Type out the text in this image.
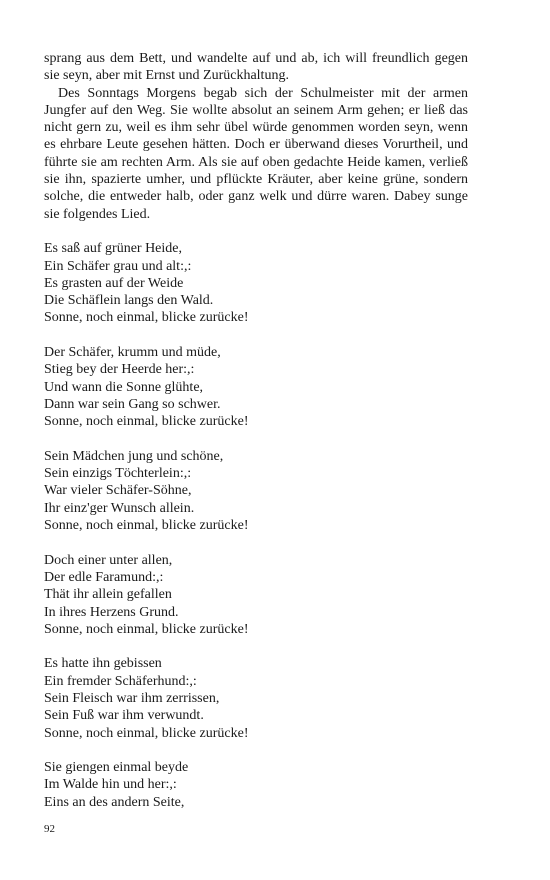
sprang aus dem Bett, und wandelte auf und ab, ich will freundlich gegen sie seyn, aber mit Ernst und Zurückhaltung.

Des Sonntags Morgens begab sich der Schulmeister mit der armen Jungfer auf den Weg. Sie wollte absolut an seinem Arm gehen; er ließ das nicht gern zu, weil es ihm sehr übel würde genommen worden seyn, wenn es ehrbare Leute gesehen hätten. Doch er überwand dieses Vorurtheil, und führte sie am rechten Arm. Als sie auf oben gedachte Heide kamen, verließ sie ihn, spazierte umher, und pflückte Kräuter, aber keine grüne, sondern solche, die entweder halb, oder ganz welk und dürre waren. Dabey sunge sie folgendes Lied.

Es saß auf grüner Heide,
Ein Schäfer grau und alt:,:
Es grasten auf der Weide
Die Schäflein langs den Wald.
Sonne, noch einmal, blicke zurücke!
Der Schäfer, krumm und müde,
Stieg bey der Heerde her:,:
Und wann die Sonne glühte,
Dann war sein Gang so schwer.
Sonne, noch einmal, blicke zurücke!
Sein Mädchen jung und schöne,
Sein einzigs Töchterlein:,:
War vieler Schäfer-Söhne,
Ihr einz'ger Wunsch allein.
Sonne, noch einmal, blicke zurücke!
Doch einer unter allen,
Der edle Faramund:,:
Thät ihr allein gefallen
In ihres Herzens Grund.
Sonne, noch einmal, blicke zurücke!
Es hatte ihn gebissen
Ein fremder Schäferhund:,:
Sein Fleisch war ihm zerrissen,
Sein Fuß war ihm verwundt.
Sonne, noch einmal, blicke zurücke!
Sie giengen einmal beyde
Im Walde hin und her:,:
Eins an des andern Seite,
92
